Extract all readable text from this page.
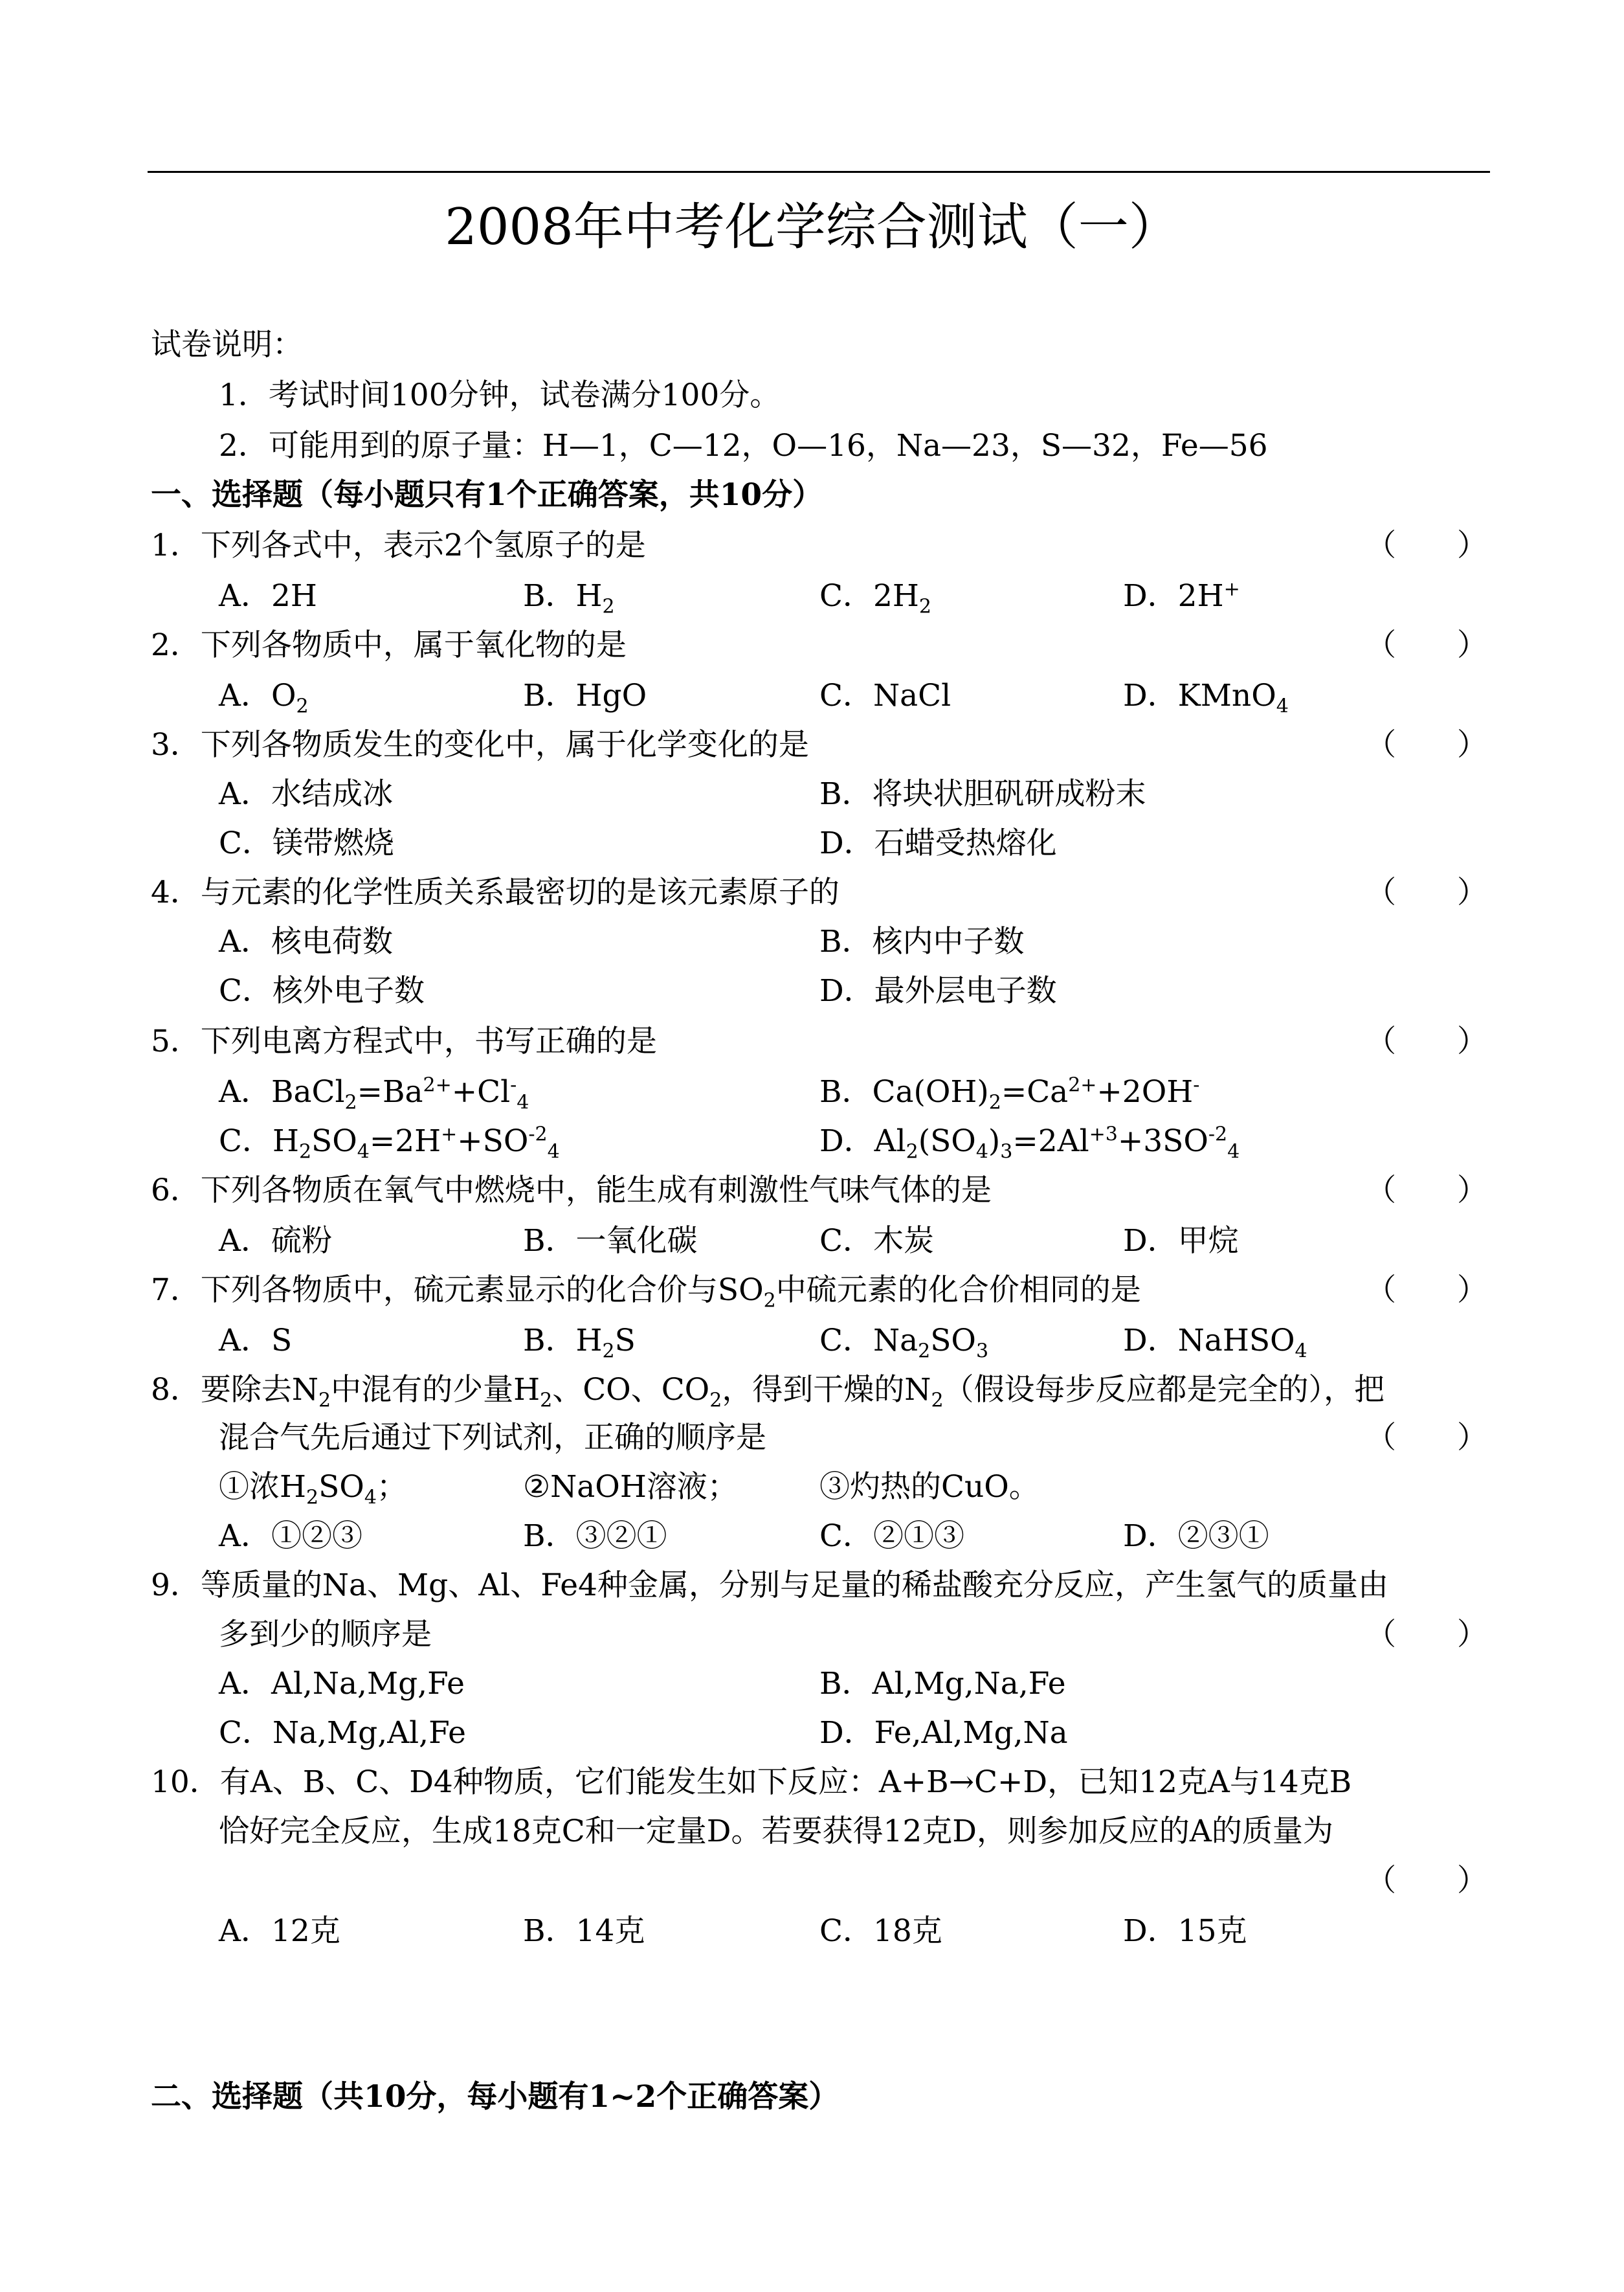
2008年中考化学综合测试（一）
试卷说明：
1．考试时间100分钟，试卷满分100分。
2．可能用到的原子量：H—1，C—12，O—16，Na—23，S—32，Fe—56
一、选择题（每小题只有1个正确答案，共10分）
1．下列各式中，表示2个氢原子的是	（　　）
A．2H	B．$H_2$	C．$2H_2$	D．2H+
2．下列各物质中，属于氧化物的是	（　　）
A．$O_2$	B．HgO	C．NaCl	D．KMnO$_4$
3．下列各物质发生的变化中，属于化学变化的是	（　　）
A．水结成冰	B．将块状胆矾研成粉末
C．镁带燃烧	D．石蜡受热熔化
4．与元素的化学性质关系最密切的是该元素原子的	（　　）
A．核电荷数	B．核内中子数
C．核外电子数	D．最外层电子数
5．下列电离方程式中，书写正确的是	（　　）
A．$BaCl_2=Ba^{2+}+Cl^-_4$	B．$Ca(OH)_2=Ca^{2+}+2OH^-$
C．$H_2SO_4=2H^++SO^{-2}_4$	D．$Al_2(SO_4)_3=2Al^{+3}+3SO^{-2}_4$
6．下列各物质在氧气中燃烧中，能生成有刺激性气味气体的是	（　　）
A．硫粉	B．一氧化碳	C．木炭	D．甲烷
7．下列各物质中，硫元素显示的化合价与$SO_2$中硫元素的化合价相同的是	（　　）
A．S	B．$H_2S$	C．$Na_2SO_3$	D．NaHSO$_4$
8．要除去$N_2$中混有的少量$H_2$、CO、$CO_2$，得到干燥的$N_2$（假设每步反应都是完全的），把
混合气先后通过下列试剂，正确的顺序是	（　　）
①浓$H_2SO_4$；	②NaOH溶液；	③灼热的CuO。
A．①②③	B．③②①	C．②①③	D．②③①
9．等质量的Na、Mg、Al、Fe4种金属，分别与足量的稀盐酸充分反应，产生氢气的质量由
多到少的顺序是	（　　）
A．Al,Na,Mg,Fe	B．Al,Mg,Na,Fe
C．Na,Mg,Al,Fe	D．Fe,Al,Mg,Na
10．有A、B、C、D4种物质，它们能发生如下反应：A+B→C+D，已知12克A与14克B
恰好完全反应，生成18克C和一定量D。若要获得12克D，则参加反应的A的质量为
（　　）
A．12克	B．14克	C．18克	D．15克
二、选择题（共10分，每小题有1~2个正确答案）
